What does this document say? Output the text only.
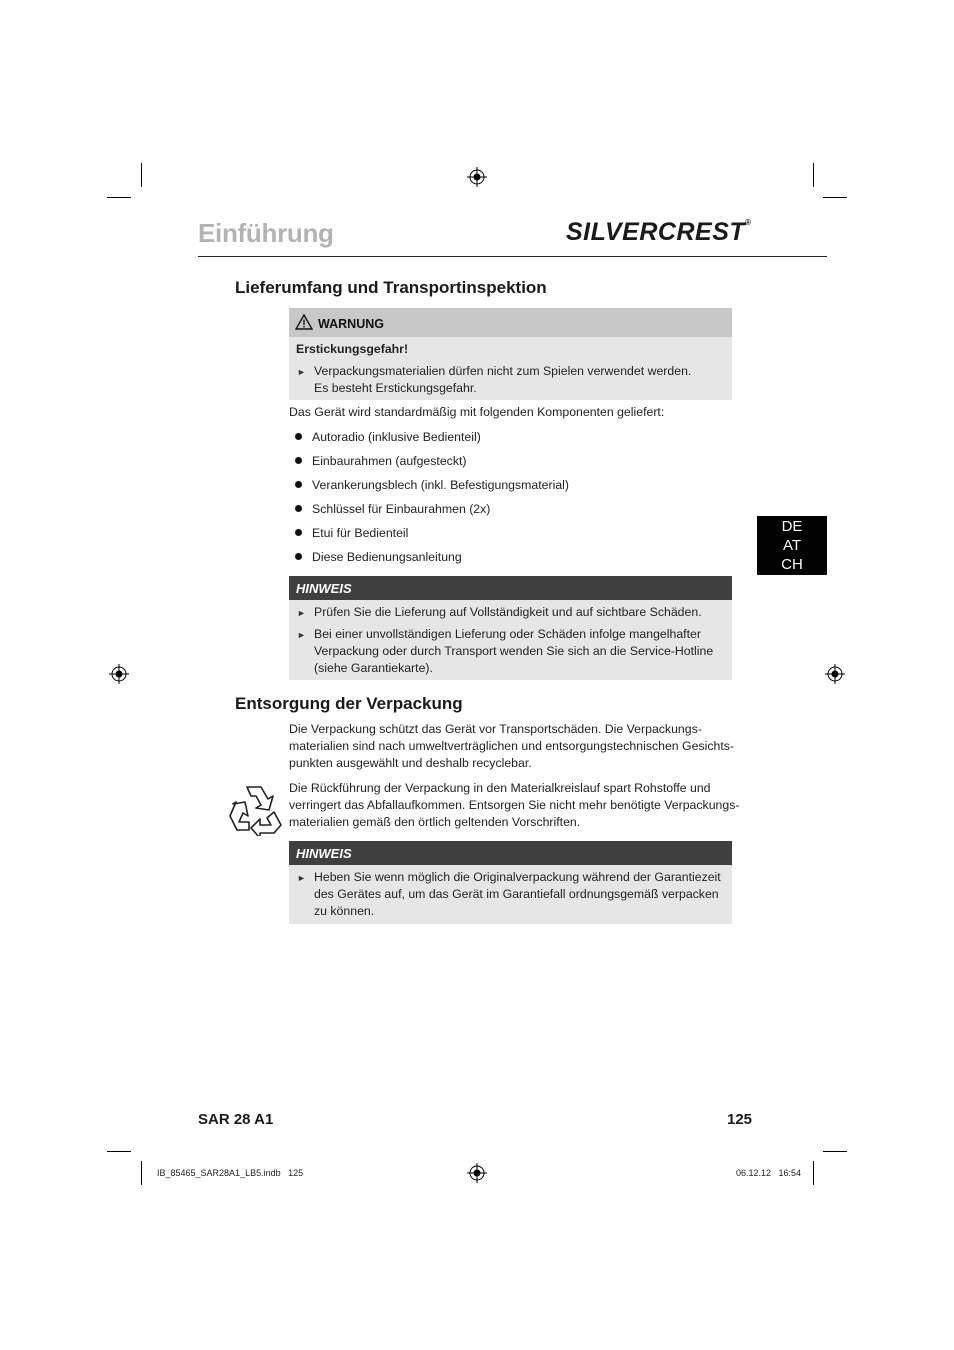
Einführung	SILVERCREST®
Lieferumfang und Transportinspektion
WARNUNG
Erstickungsgefahr!
► Verpackungsmaterialien dürfen nicht zum Spielen verwendet werden.
Es besteht Erstickungsgefahr.
Das Gerät wird standardmäßig mit folgenden Komponenten geliefert:
Autoradio (inklusive Bedienteil)
Einbaurahmen (aufgesteckt)
Verankerungsblech (inkl. Befestigungsmaterial)
Schlüssel für Einbaurahmen (2x)
Etui für Bedienteil
Diese Bedienungsanleitung
HINWEIS
► Prüfen Sie die Lieferung auf Vollständigkeit und auf sichtbare Schäden.
► Bei einer unvollständigen Lieferung oder Schäden infolge mangelhafter
Verpackung oder durch Transport wenden Sie sich an die Service-Hotline
(siehe Garantiekarte).
Entsorgung der Verpackung
Die Verpackung schützt das Gerät vor Transportschäden. Die Verpackungs-
materialien sind nach umweltverträglichen und entsorgungstechnischen Gesichts-
punkten ausgewählt und deshalb recyclebar.
Die Rückführung der Verpackung in den Materialkreislauf spart Rohstoffe und
verringert das Abfallaufkommen. Entsorgen Sie nicht mehr benötigte Verpackungs-
materialien gemäß den örtlich geltenden Vorschriften.
HINWEIS
► Heben Sie wenn möglich die Originalverpackung während der Garantiezeit
des Gerätes auf, um das Gerät im Garantiefall ordnungsgemäß verpacken
zu können.
DE
AT
CH
SAR 28 A1	125
IB_85465_SAR28A1_LB5.indb   125	06.12.12   16:54
